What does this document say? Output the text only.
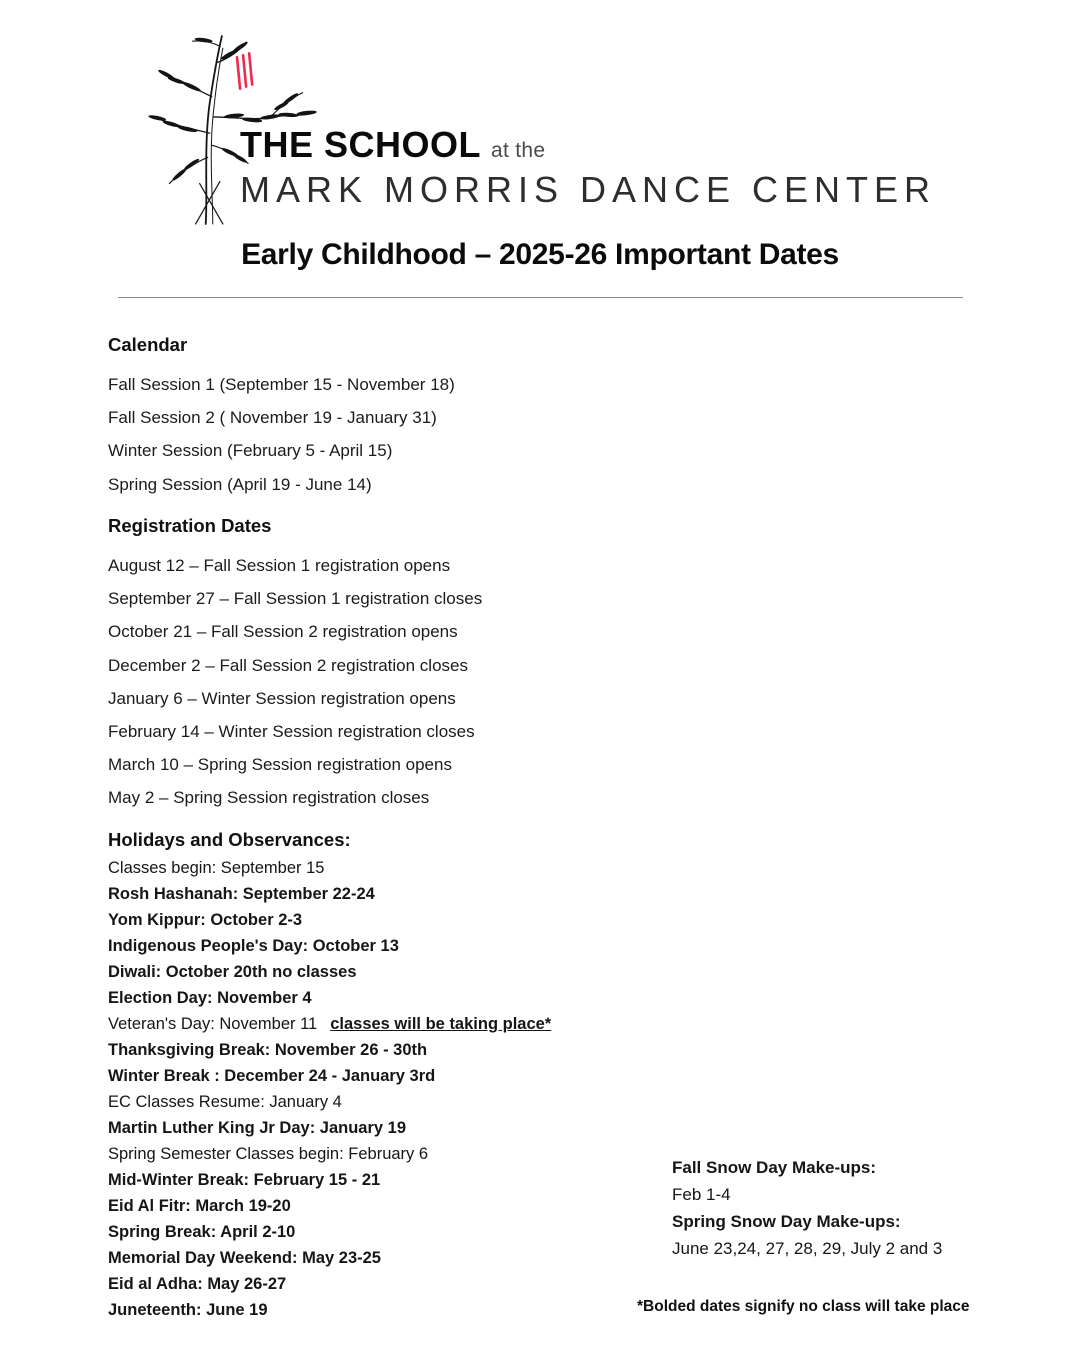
THE SCHOOL at the
MARK MORRIS DANCE CENTER
Early Childhood – 2025-26 Important Dates
Calendar
Fall Session 1 (September 15 - November 18)
Fall Session 2 ( November 19 - January 31)
Winter Session (February 5 - April 15)
Spring Session (April 19 - June 14)
Registration Dates
August 12 – Fall Session 1 registration opens
September 27 – Fall Session 1 registration closes
October 21 – Fall Session 2 registration opens
December 2 – Fall Session 2 registration closes
January 6 – Winter Session registration opens
February 14 – Winter Session registration closes
March 10 – Spring Session registration opens
May 2 – Spring Session registration closes
Holidays and Observances:
Classes begin: September 15
Rosh Hashanah: September 22-24
Yom Kippur: October 2-3
Indigenous People's Day: October 13
Diwali: October 20th no classes
Election Day: November 4
Veteran's Day: November 11 classes will be taking place*
Thanksgiving Break: November 26 - 30th
Winter Break : December 24 - January 3rd
EC Classes Resume: January 4
Martin Luther King Jr Day: January 19
Spring Semester Classes begin: February 6
Mid-Winter Break: February 15 - 21
Eid Al Fitr: March 19-20
Spring Break: April 2-10
Memorial Day Weekend: May 23-25
Eid al Adha: May 26-27
Juneteenth: June 19
Fall Snow Day Make-ups:
Feb 1-4
Spring Snow Day Make-ups:
June 23,24, 27, 28, 29, July 2 and 3
*Bolded dates signify no class will take place
